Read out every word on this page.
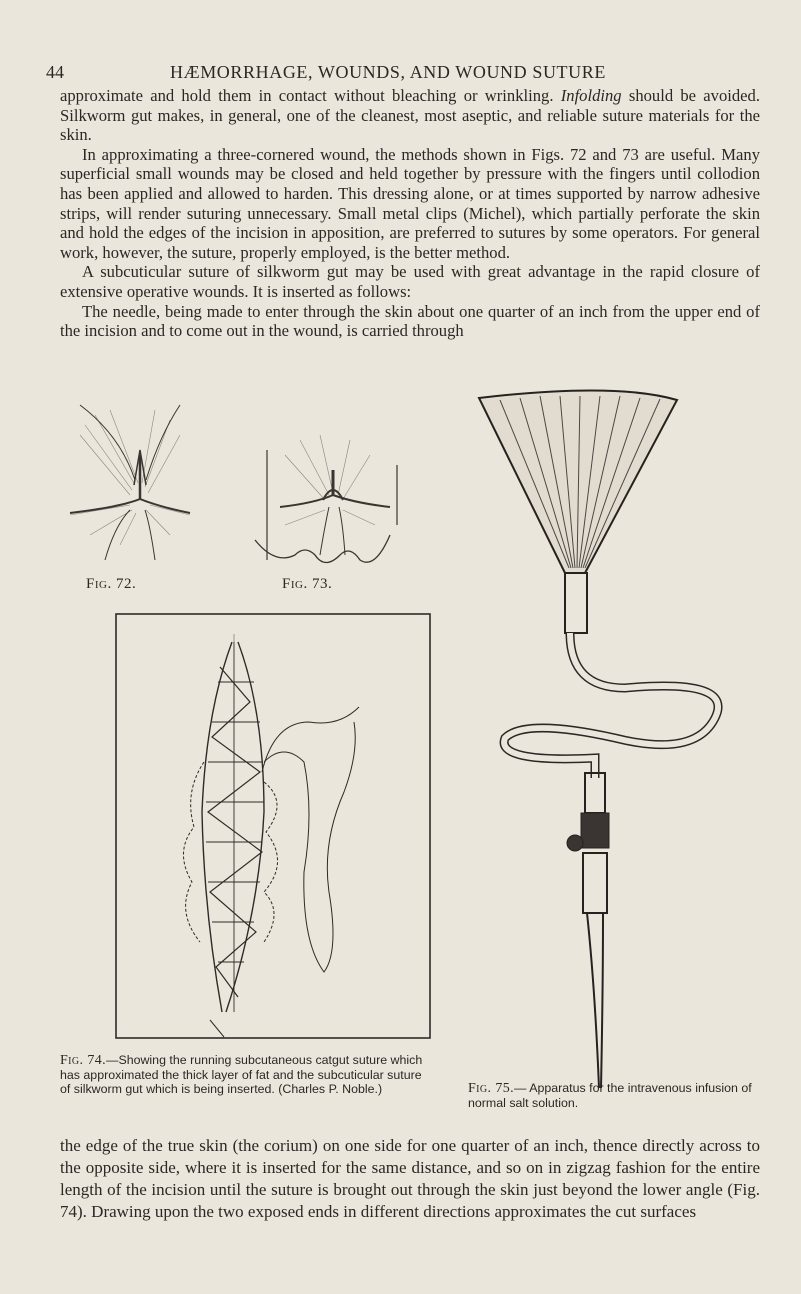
44	HÆMORRHAGE, WOUNDS, AND WOUND SUTURE

approximate and hold them in contact without bleaching or wrinkling. Infolding should be avoided. Silkworm gut makes, in general, one of the cleanest, most aseptic, and reliable suture materials for the skin.

In approximating a three-cornered wound, the methods shown in Figs. 72 and 73 are useful. Many superficial small wounds may be closed and held together by pressure with the fingers until collodion has been applied and allowed to harden. This dressing alone, or at times supported by narrow adhesive strips, will render suturing unnecessary. Small metal clips (Michel), which partially perforate the skin and hold the edges of the incision in apposition, are preferred to sutures by some operators. For general work, however, the suture, properly employed, is the better method.

A subcuticular suture of silkworm gut may be used with great advantage in the rapid closure of extensive operative wounds. It is inserted as follows:

The needle, being made to enter through the skin about one quarter of an inch from the upper end of the incision and to come out in the wound, is carried through

Fig. 72.	Fig. 73.
Fig. 74.—Showing the running subcutaneous catgut suture which has approximated the thick layer of fat and the subcuticular suture of silkworm gut which is being inserted. (Charles P. Noble.)	Fig. 75.— Apparatus for the intravenous infusion of normal salt solution.

the edge of the true skin (the corium) on one side for one quarter of an inch, thence directly across to the opposite side, where it is inserted for the same distance, and so on in zigzag fashion for the entire length of the incision until the suture is brought out through the skin just beyond the lower angle (Fig. 74). Drawing upon the two exposed ends in different directions approximates the cut surfaces
